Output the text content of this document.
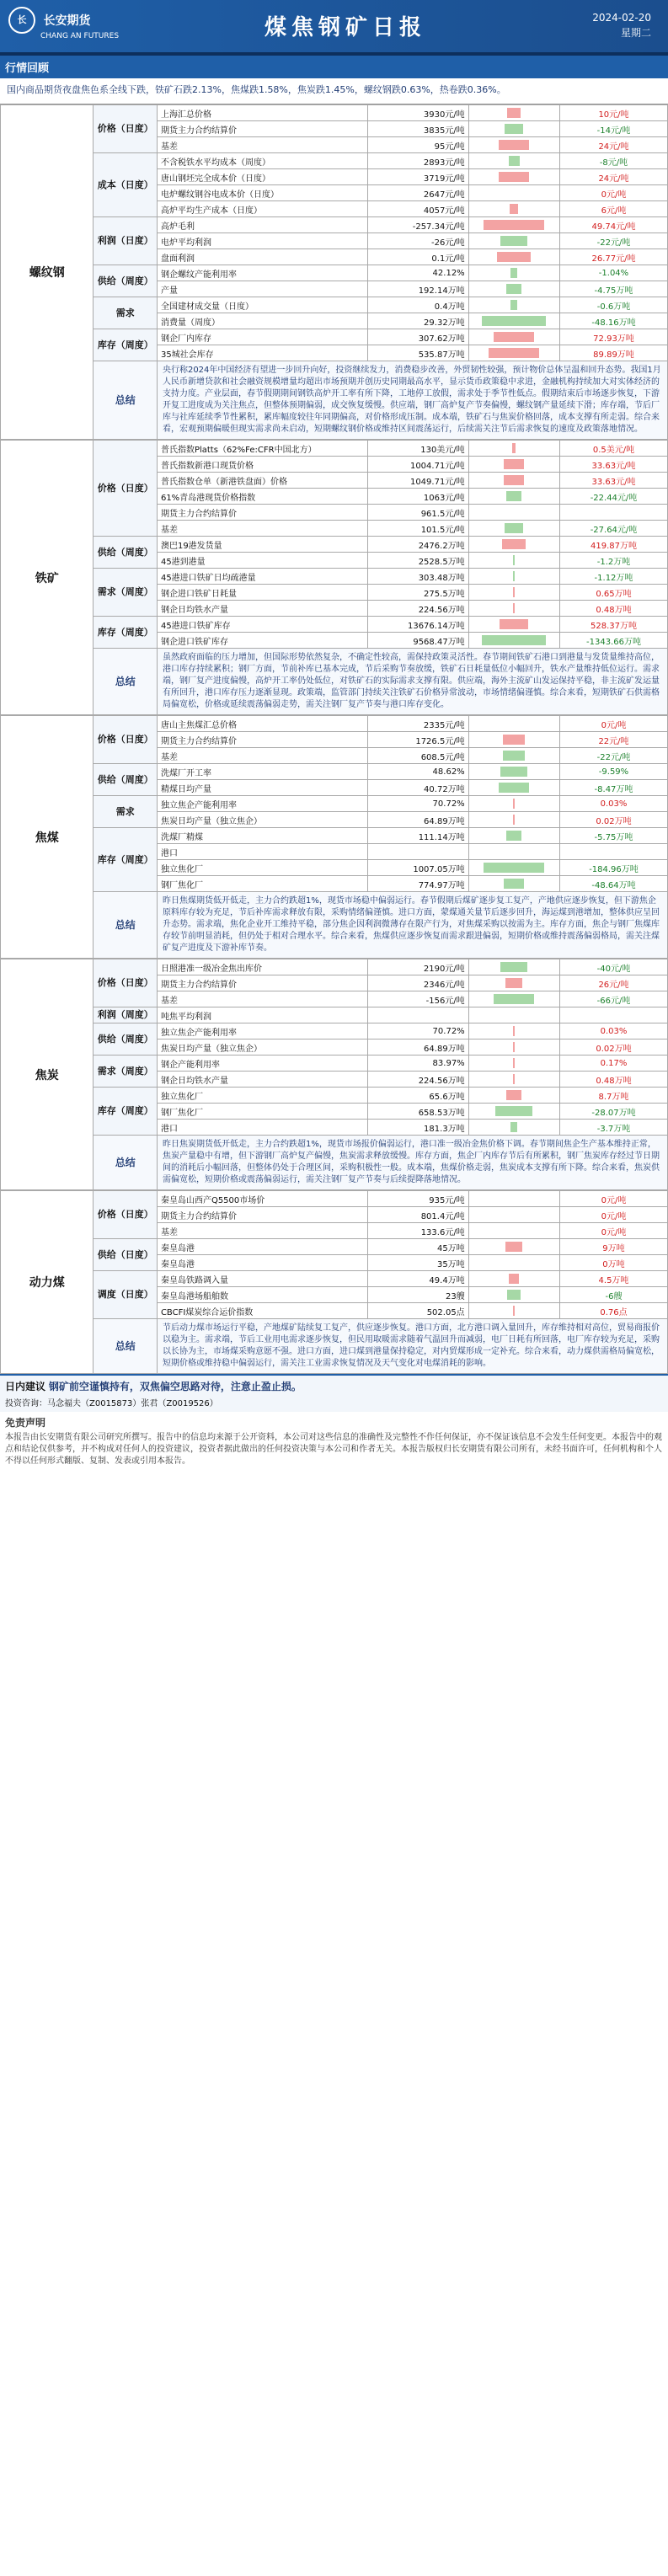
长 长安期货
CHANG AN FUTURES	煤焦钢矿日报	2024-02-20
星期二
行情回顾
国内商品期货夜盘焦色系全线下跌，铁矿石跌2.13%，焦煤跌1.58%，焦炭跌1.45%，螺纹钢跌0.63%，热卷跌0.36%。
螺纹钢	价格（日度）	上海汇总价格	3930元/吨		10元/吨
		期货主力合约结算价	3835元/吨		-14元/吨
		基差	95元/吨		24元/吨
	成本（日度）	不含税铁水平均成本（周度）	2893元/吨		-8元/吨
		唐山钢坯完全成本价（日度）	3719元/吨		24元/吨
		电炉螺纹钢谷电成本价（日度）	2647元/吨		0元/吨
		高炉平均生产成本（日度）	4057元/吨		6元/吨
	利润（日度）	高炉毛利	-257.34元/吨		49.74元/吨
		电炉平均利润	-26元/吨		-22元/吨
		盘面利润	0.1元/吨		26.77元/吨
	供给（周度）	钢企螺纹产能利用率	42.12%		-1.04%
		产量	192.14万吨		-4.75万吨
	需求	全国建材成交量（日度）	0.4万吨		-0.6万吨
		消费量（周度）	29.32万吨		-48.16万吨
	库存（周度）	钢企厂内库存	307.62万吨		72.93万吨
		35城社会库存	535.87万吨		89.89万吨
	总结	央行称2024年中国经济有望进一步回升向好，投资继续发力，消费稳步改善，外贸韧性较强，预计物价总体呈温和回升态势。我国1月人民币新增贷款和社会融资规模增量均超出市场预期并创历史同期最高水平，显示货币政策稳中求进，金融机构持续加大对实体经济的支持力度。产业层面，春节假期期间钢铁高炉开工率有所下降，工地停工放假，需求处于季节性低点。假期结束后市场逐步恢复，下游开复工进度成为关注焦点，但整体预期偏弱，成交恢复缓慢。供应端，钢厂高炉复产节奏偏慢，螺纹钢产量延续下滑；库存端，节后厂库与社库延续季节性累积，累库幅度较往年同期偏高，对价格形成压制。成本端，铁矿石与焦炭价格回落，成本支撑有所走弱。综合来看，宏观预期偏暖但现实需求尚未启动，短期螺纹钢价格或维持区间震荡运行，后续需关注节后需求恢复的速度及政策落地情况。			
铁矿	价格（日度）	普氏指数Platts（62%Fe:CFR中国北方）	130美元/吨		0.5美元/吨
		普氏指数新港口现货价格	1004.71元/吨		33.63元/吨
		普氏指数仓单（新港铁盘面）价格	1049.71元/吨		33.63元/吨
		61%青岛港现货价格指数	1063元/吨		-22.44元/吨
		期货主力合约结算价	961.5元/吨		
		基差	101.5元/吨		-27.64元/吨
	供给（周度）	澳巴19港发货量	2476.2万吨		419.87万吨
		45港到港量	2528.5万吨		-1.2万吨
	需求（周度）	45港进口铁矿日均疏港量	303.48万吨		-1.12万吨
		钢企进口铁矿日耗量	275.5万吨		0.65万吨
		钢企日均铁水产量	224.56万吨		0.48万吨
	库存（周度）	45港进口铁矿库存	13676.14万吨		528.37万吨
		钢企进口铁矿库存	9568.47万吨		-1343.66万吨
	总结	虽然政府面临的压力增加，但国际形势依然复杂，不确定性较高，需保持政策灵活性。春节期间铁矿石港口到港量与发货量维持高位，港口库存持续累积；钢厂方面，节前补库已基本完成，节后采购节奏放缓，铁矿石日耗量低位小幅回升，铁水产量维持低位运行。需求端，钢厂复产进度偏慢，高炉开工率仍处低位，对铁矿石的实际需求支撑有限。供应端，海外主流矿山发运保持平稳，非主流矿发运量有所回升，港口库存压力逐渐显现。政策端，监管部门持续关注铁矿石价格异常波动，市场情绪偏谨慎。综合来看，短期铁矿石供需格局偏宽松，价格或延续震荡偏弱走势，需关注钢厂复产节奏与港口库存变化。			
焦煤	价格（日度）	唐山主焦煤汇总价格	2335元/吨		0元/吨
		期货主力合约结算价	1726.5元/吨		22元/吨
		基差	608.5元/吨		-22元/吨
	供给（周度）	洗煤厂开工率	48.62%		-9.59%
		精煤日均产量	40.72万吨		-8.47万吨
	需求	独立焦企产能利用率	70.72%		0.03%
		焦炭日均产量（独立焦企）	64.89万吨		0.02万吨
	库存（周度）	洗煤厂精煤	111.14万吨		-5.75万吨
		港口			
		独立焦化厂	1007.05万吨		-184.96万吨
		钢厂焦化厂	774.97万吨		-48.64万吨
	总结	昨日焦煤期货低开低走，主力合约跌超1%，现货市场稳中偏弱运行。春节假期后煤矿逐步复工复产，产地供应逐步恢复，但下游焦企原料库存较为充足，节后补库需求释放有限，采购情绪偏谨慎。进口方面，蒙煤通关量节后逐步回升，海运煤到港增加，整体供应呈回升态势。需求端，焦化企业开工维持平稳，部分焦企因利润微薄存在限产行为，对焦煤采购以按需为主。库存方面，焦企与钢厂焦煤库存较节前明显消耗，但仍处于相对合理水平。综合来看，焦煤供应逐步恢复而需求跟进偏弱，短期价格或维持震荡偏弱格局，需关注煤矿复产进度及下游补库节奏。			
焦炭	价格（日度）	日照港准一级冶金焦出库价	2190元/吨		-40元/吨
		期货主力合约结算价	2346元/吨		26元/吨
		基差	-156元/吨		-66元/吨
	利润（周度）	吨焦平均利润			
	供给（周度）	独立焦企产能利用率	70.72%		0.03%
		焦炭日均产量（独立焦企）	64.89万吨		0.02万吨
	需求（周度）	钢企产能利用率	83.97%		0.17%
		钢企日均铁水产量	224.56万吨		0.48万吨
	库存（周度）	独立焦化厂	65.6万吨		8.7万吨
		钢厂焦化厂	658.53万吨		-28.07万吨
		港口	181.3万吨		-3.7万吨
	总结	昨日焦炭期货低开低走，主力合约跌超1%，现货市场报价偏弱运行，港口准一级冶金焦价格下调。春节期间焦企生产基本维持正常，焦炭产量稳中有增，但下游钢厂高炉复产偏慢，焦炭需求释放缓慢。库存方面，焦企厂内库存节后有所累积，钢厂焦炭库存经过节日期间的消耗后小幅回落，但整体仍处于合理区间，采购积极性一般。成本端，焦煤价格走弱，焦炭成本支撑有所下降。综合来看，焦炭供需偏宽松，短期价格或震荡偏弱运行，需关注钢厂复产节奏与后续提降落地情况。			
动力煤	价格（日度）	秦皇岛山西产Q5500市场价	935元/吨		0元/吨
		期货主力合约结算价	801.4元/吨		0元/吨
		基差	133.6元/吨		0元/吨
	供给（日度）	秦皇岛港	45万吨		9万吨
		秦皇岛港	35万吨		0万吨
	调度（日度）	秦皇岛铁路调入量	49.4万吨		4.5万吨
		秦皇岛港场船舶数	23艘		-6艘
		CBCFI煤炭综合运价指数	502.05点		0.76点
	总结	节后动力煤市场运行平稳，产地煤矿陆续复工复产，供应逐步恢复。港口方面，北方港口调入量回升，库存维持相对高位，贸易商报价以稳为主。需求端，节后工业用电需求逐步恢复，但民用取暖需求随着气温回升而减弱，电厂日耗有所回落，电厂库存较为充足，采购以长协为主，市场煤采购意愿不强。进口方面，进口煤到港量保持稳定，对内贸煤形成一定补充。综合来看，动力煤供需格局偏宽松，短期价格或维持稳中偏弱运行，需关注工业需求恢复情况及天气变化对电煤消耗的影响。			
日内建议 钢矿前空谨慎持有，双焦偏空思路对待，注意止盈止损。
投资咨询：马念福夫（Z0015873）张君（Z0019526）
免责声明
本报告由长安期货有限公司研究所撰写。报告中的信息均来源于公开资料，本公司对这些信息的准确性及完整性不作任何保证，亦不保证该信息不会发生任何变更。本报告中的观点和结论仅供参考，并不构成对任何人的投资建议，投资者据此做出的任何投资决策与本公司和作者无关。本报告版权归长安期货有限公司所有，未经书面许可，任何机构和个人不得以任何形式翻版、复制、发表或引用本报告。
